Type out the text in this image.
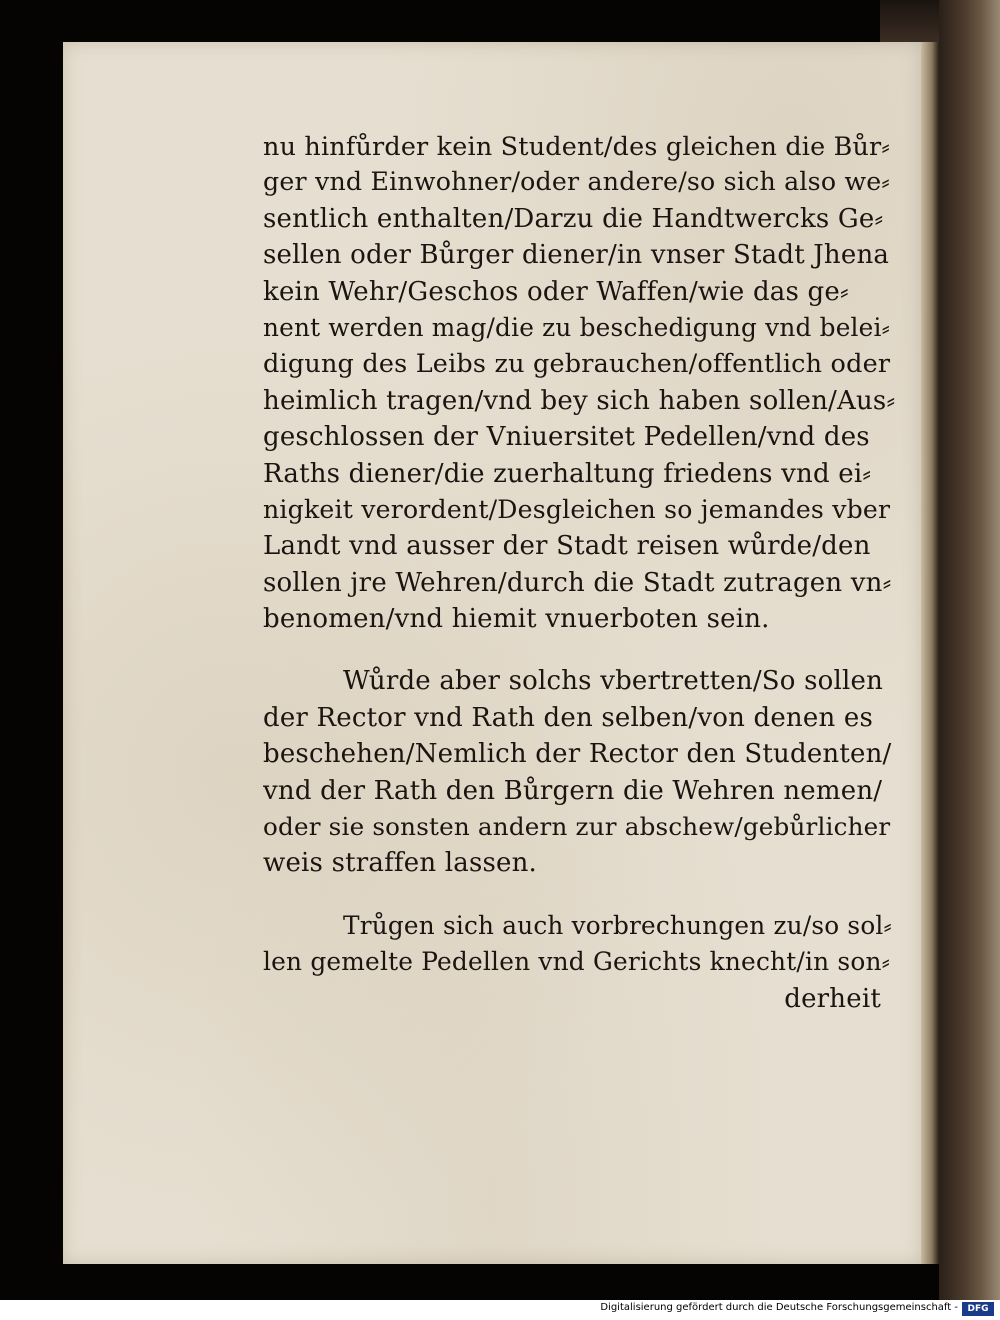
nu hinfůrder kein Student/des gleichen die Bůr⸗
ger vnd Einwohner/oder andere/so sich also we⸗
sentlich enthalten/Darzu die Handtwercks Ge⸗
sellen oder Bůrger diener/in vnser Stadt Jhena
kein Wehr/Geschos oder Waffen/wie das ge⸗
nent werden mag/die zu beschedigung vnd belei⸗
digung des Leibs zu gebrauchen/offentlich oder
heimlich tragen/vnd bey sich haben sollen/Aus⸗
geschlossen der Vniuersitet Pedellen/vnd des
Raths diener/die zuerhaltung friedens vnd ei⸗
nigkeit verordent/Desgleichen so jemandes vber
Landt vnd ausser der Stadt reisen wůrde/den
sollen jre Wehren/durch die Stadt zutragen vn⸗
benomen/vnd hiemit vnuerboten sein.
Wůrde aber solchs vbertretten/So sollen
der Rector vnd Rath den selben/von denen es
beschehen/Nemlich der Rector den Studenten/
vnd der Rath den Bůrgern die Wehren nemen/
oder sie sonsten andern zur abschew/gebůrlicher
weis straffen lassen.
Trůgen sich auch vorbrechungen zu/so sol⸗
len gemelte Pedellen vnd Gerichts knecht/in son⸗
derheit
Digitalisierung gefördert durch die Deutsche Forschungsgemeinschaft -	DFG
